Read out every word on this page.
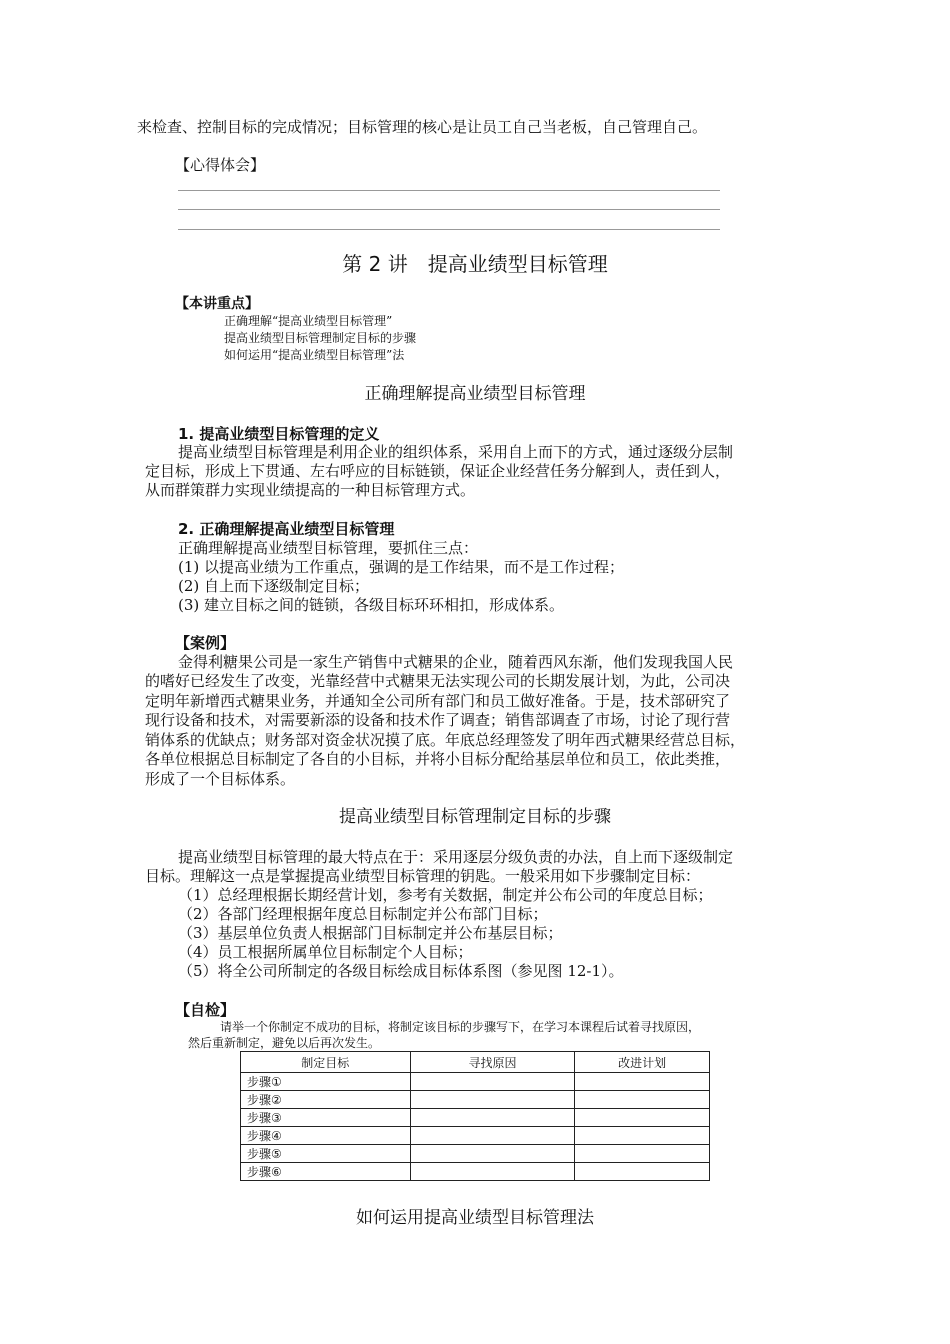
来检查、控制目标的完成情况；目标管理的核心是让员工自己当老板，自己管理自己。
【心得体会】
第 2 讲　提高业绩型目标管理
【本讲重点】
正确理解“提高业绩型目标管理”
提高业绩型目标管理制定目标的步骤
如何运用“提高业绩型目标管理”法
正确理解提高业绩型目标管理
1. 提高业绩型目标管理的定义
提高业绩型目标管理是利用企业的组织体系，采用自上而下的方式，通过逐级分层制
定目标，形成上下贯通、左右呼应的目标链锁，保证企业经营任务分解到人，责任到人，
从而群策群力实现业绩提高的一种目标管理方式。
2. 正确理解提高业绩型目标管理
正确理解提高业绩型目标管理，要抓住三点：
(1) 以提高业绩为工作重点，强调的是工作结果，而不是工作过程；
(2) 自上而下逐级制定目标；
(3) 建立目标之间的链锁，各级目标环环相扣，形成体系。
【案例】
金得利糖果公司是一家生产销售中式糖果的企业，随着西风东渐，他们发现我国人民
的嗜好已经发生了改变，光靠经营中式糖果无法实现公司的长期发展计划，为此，公司决
定明年新增西式糖果业务，并通知全公司所有部门和员工做好准备。于是，技术部研究了
现行设备和技术，对需要新添的设备和技术作了调查；销售部调查了市场，讨论了现行营
销体系的优缺点；财务部对资金状况摸了底。年底总经理签发了明年西式糖果经营总目标，
各单位根据总目标制定了各自的小目标，并将小目标分配给基层单位和员工，依此类推，
形成了一个目标体系。
提高业绩型目标管理制定目标的步骤
提高业绩型目标管理的最大特点在于：采用逐层分级负责的办法，自上而下逐级制定
目标。理解这一点是掌握提高业绩型目标管理的钥匙。一般采用如下步骤制定目标：
（1）总经理根据长期经营计划，参考有关数据，制定并公布公司的年度总目标；
（2）各部门经理根据年度总目标制定并公布部门目标；
（3）基层单位负责人根据部门目标制定并公布基层目标；
（4）员工根据所属单位目标制定个人目标；
（5）将全公司所制定的各级目标绘成目标体系图（参见图 12-1）。
【自检】
请举一个你制定不成功的目标，将制定该目标的步骤写下，在学习本课程后试着寻找原因，
然后重新制定，避免以后再次发生。
制定目标	寻找原因	改进计划
步骤①		
步骤②		
步骤③		
步骤④		
步骤⑤		
步骤⑥		
如何运用提高业绩型目标管理法
